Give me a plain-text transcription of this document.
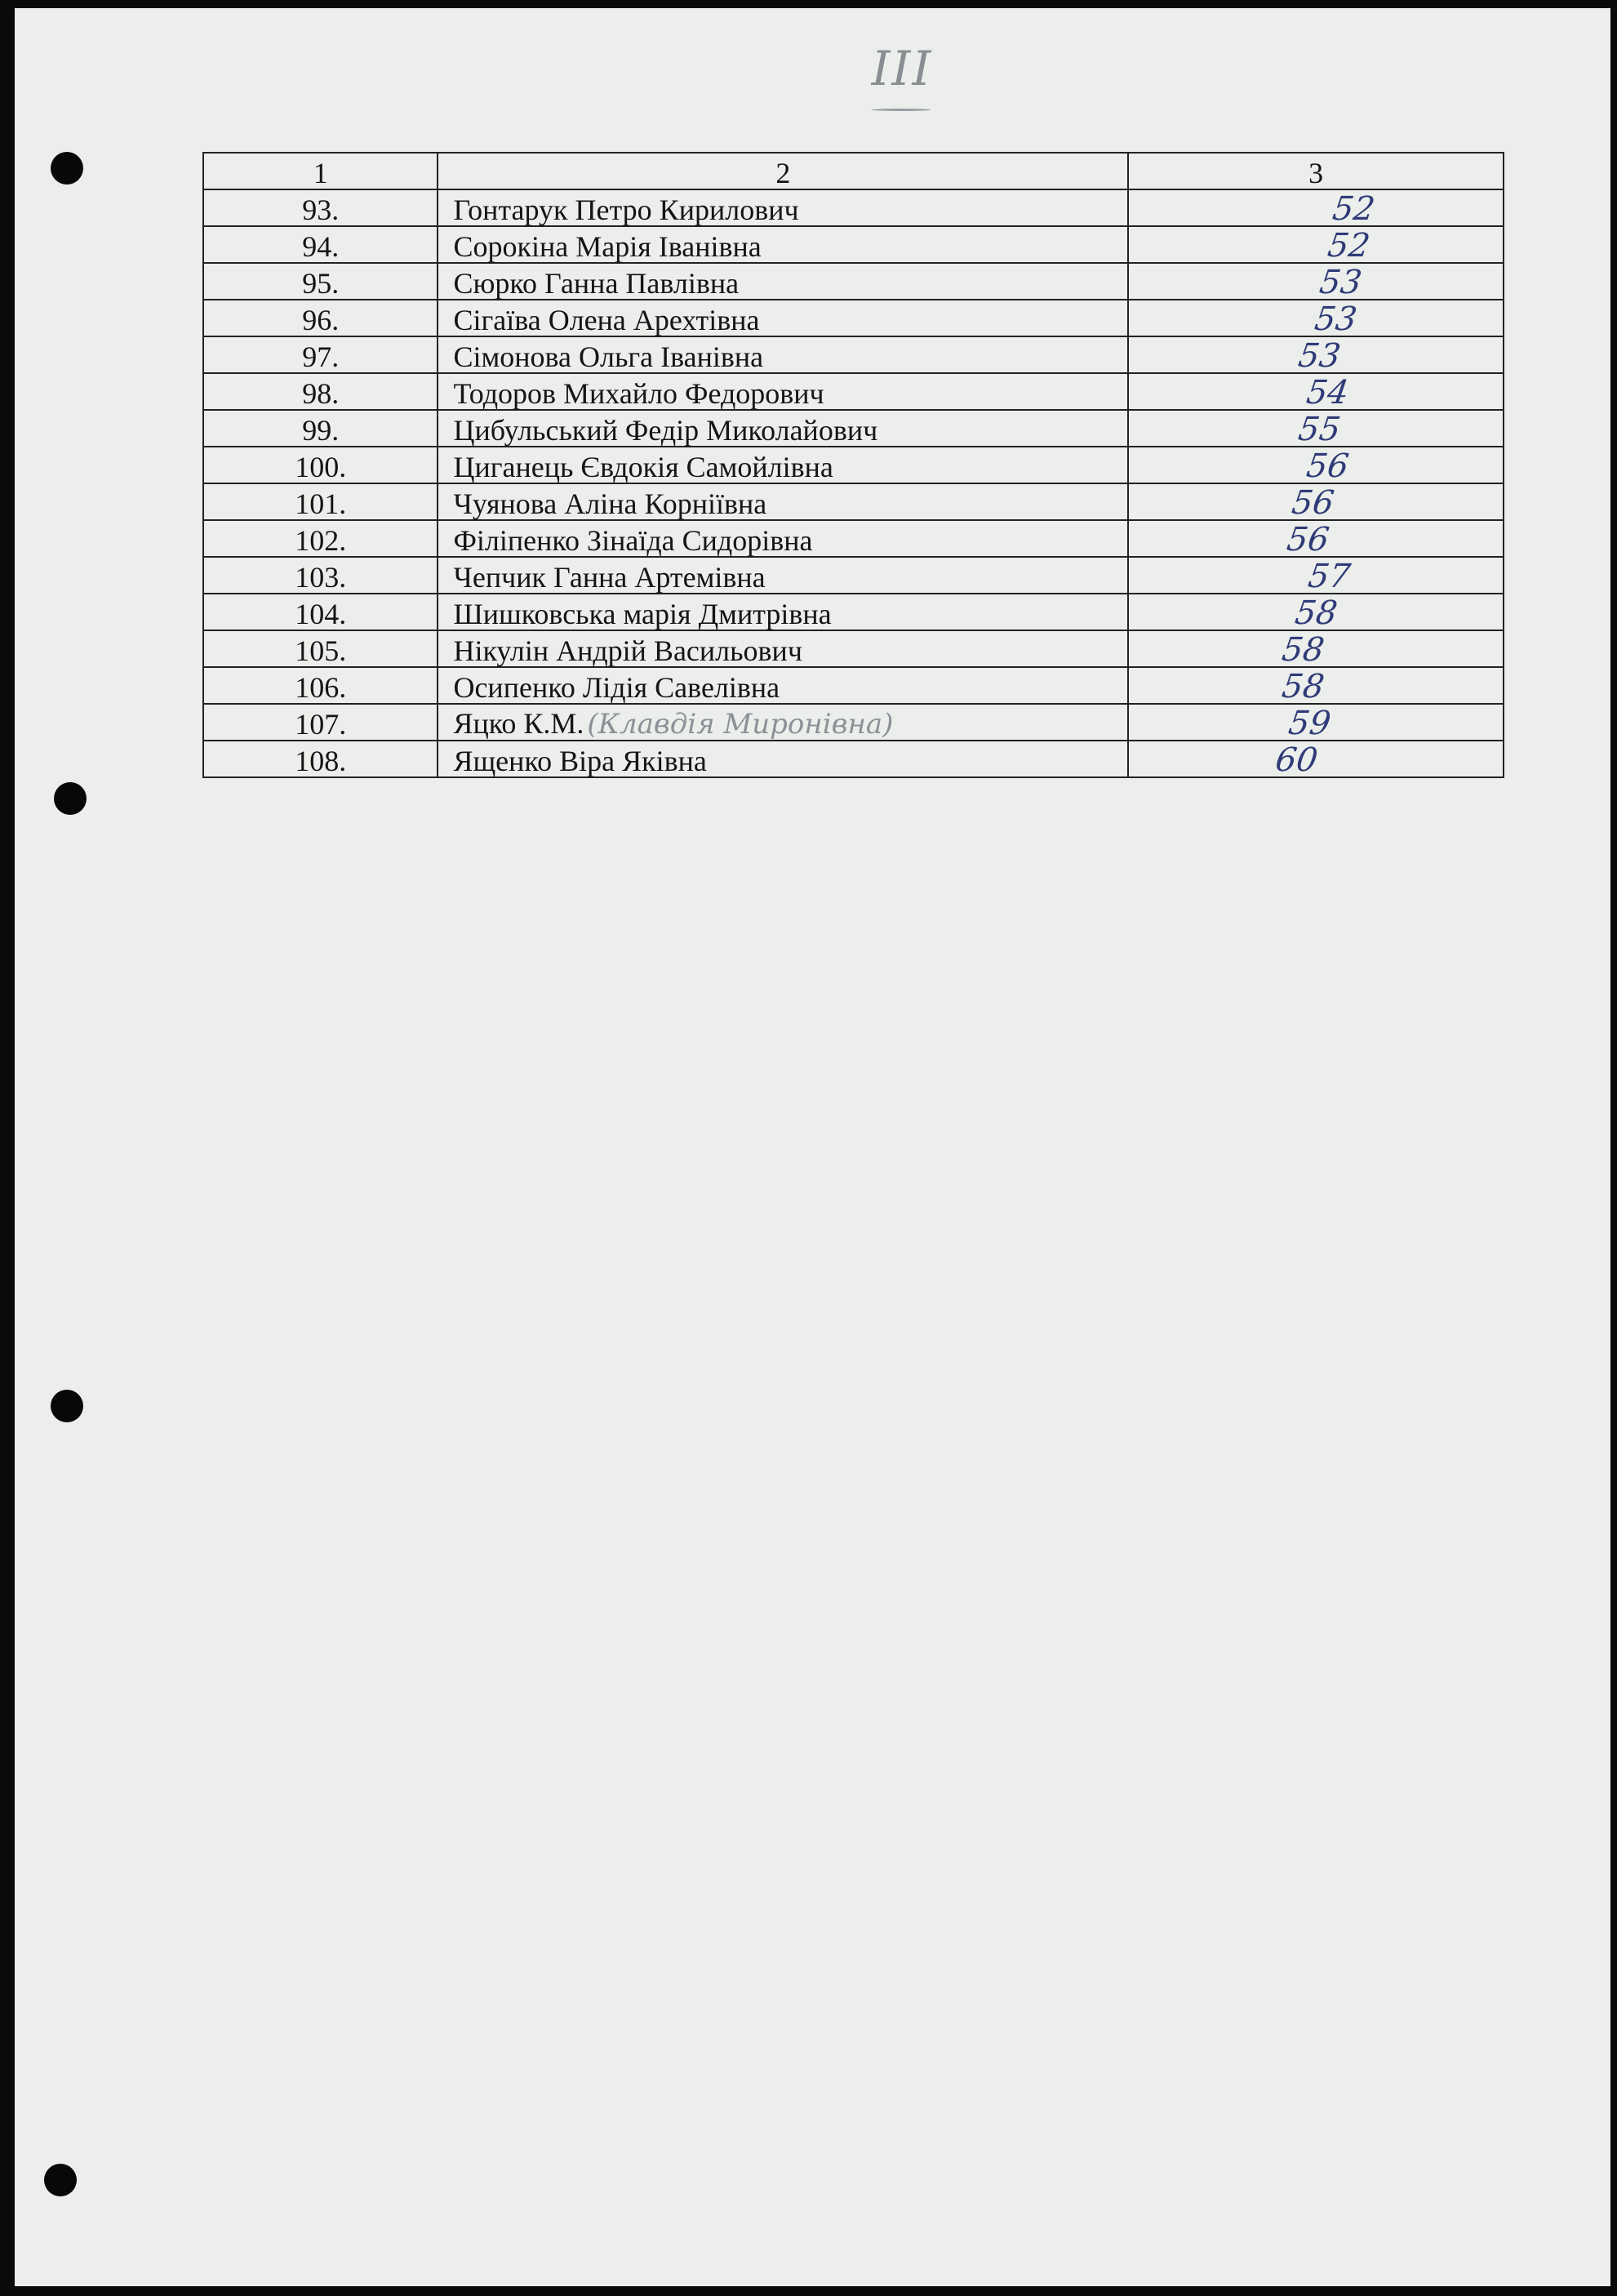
III
1	2	3
93.	Гонтарук Петро Кирилович	52
94.	Сорокіна Марія Іванівна	52
95.	Сюрко Ганна Павлівна	53
96.	Сігаїва Олена Арехтівна	53
97.	Сімонова Ольга Іванівна	53
98.	Тодоров Михайло Федорович	54
99.	Цибульський Федір Миколайович	55
100.	Циганець Євдокія Самойлівна	56
101.	Чуянова Аліна Корніївна	56
102.	Філіпенко Зінаїда Сидорівна	56
103.	Чепчик Ганна Артемівна	57
104.	Шишковська марія Дмитрівна	58
105.	Нікулін Андрій Васильович	58
106.	Осипенко Лідія Савелівна	58
107.	Яцко К.М. (Клавдія Миронівна)	59
108.	Ященко Віра Яківна	60
